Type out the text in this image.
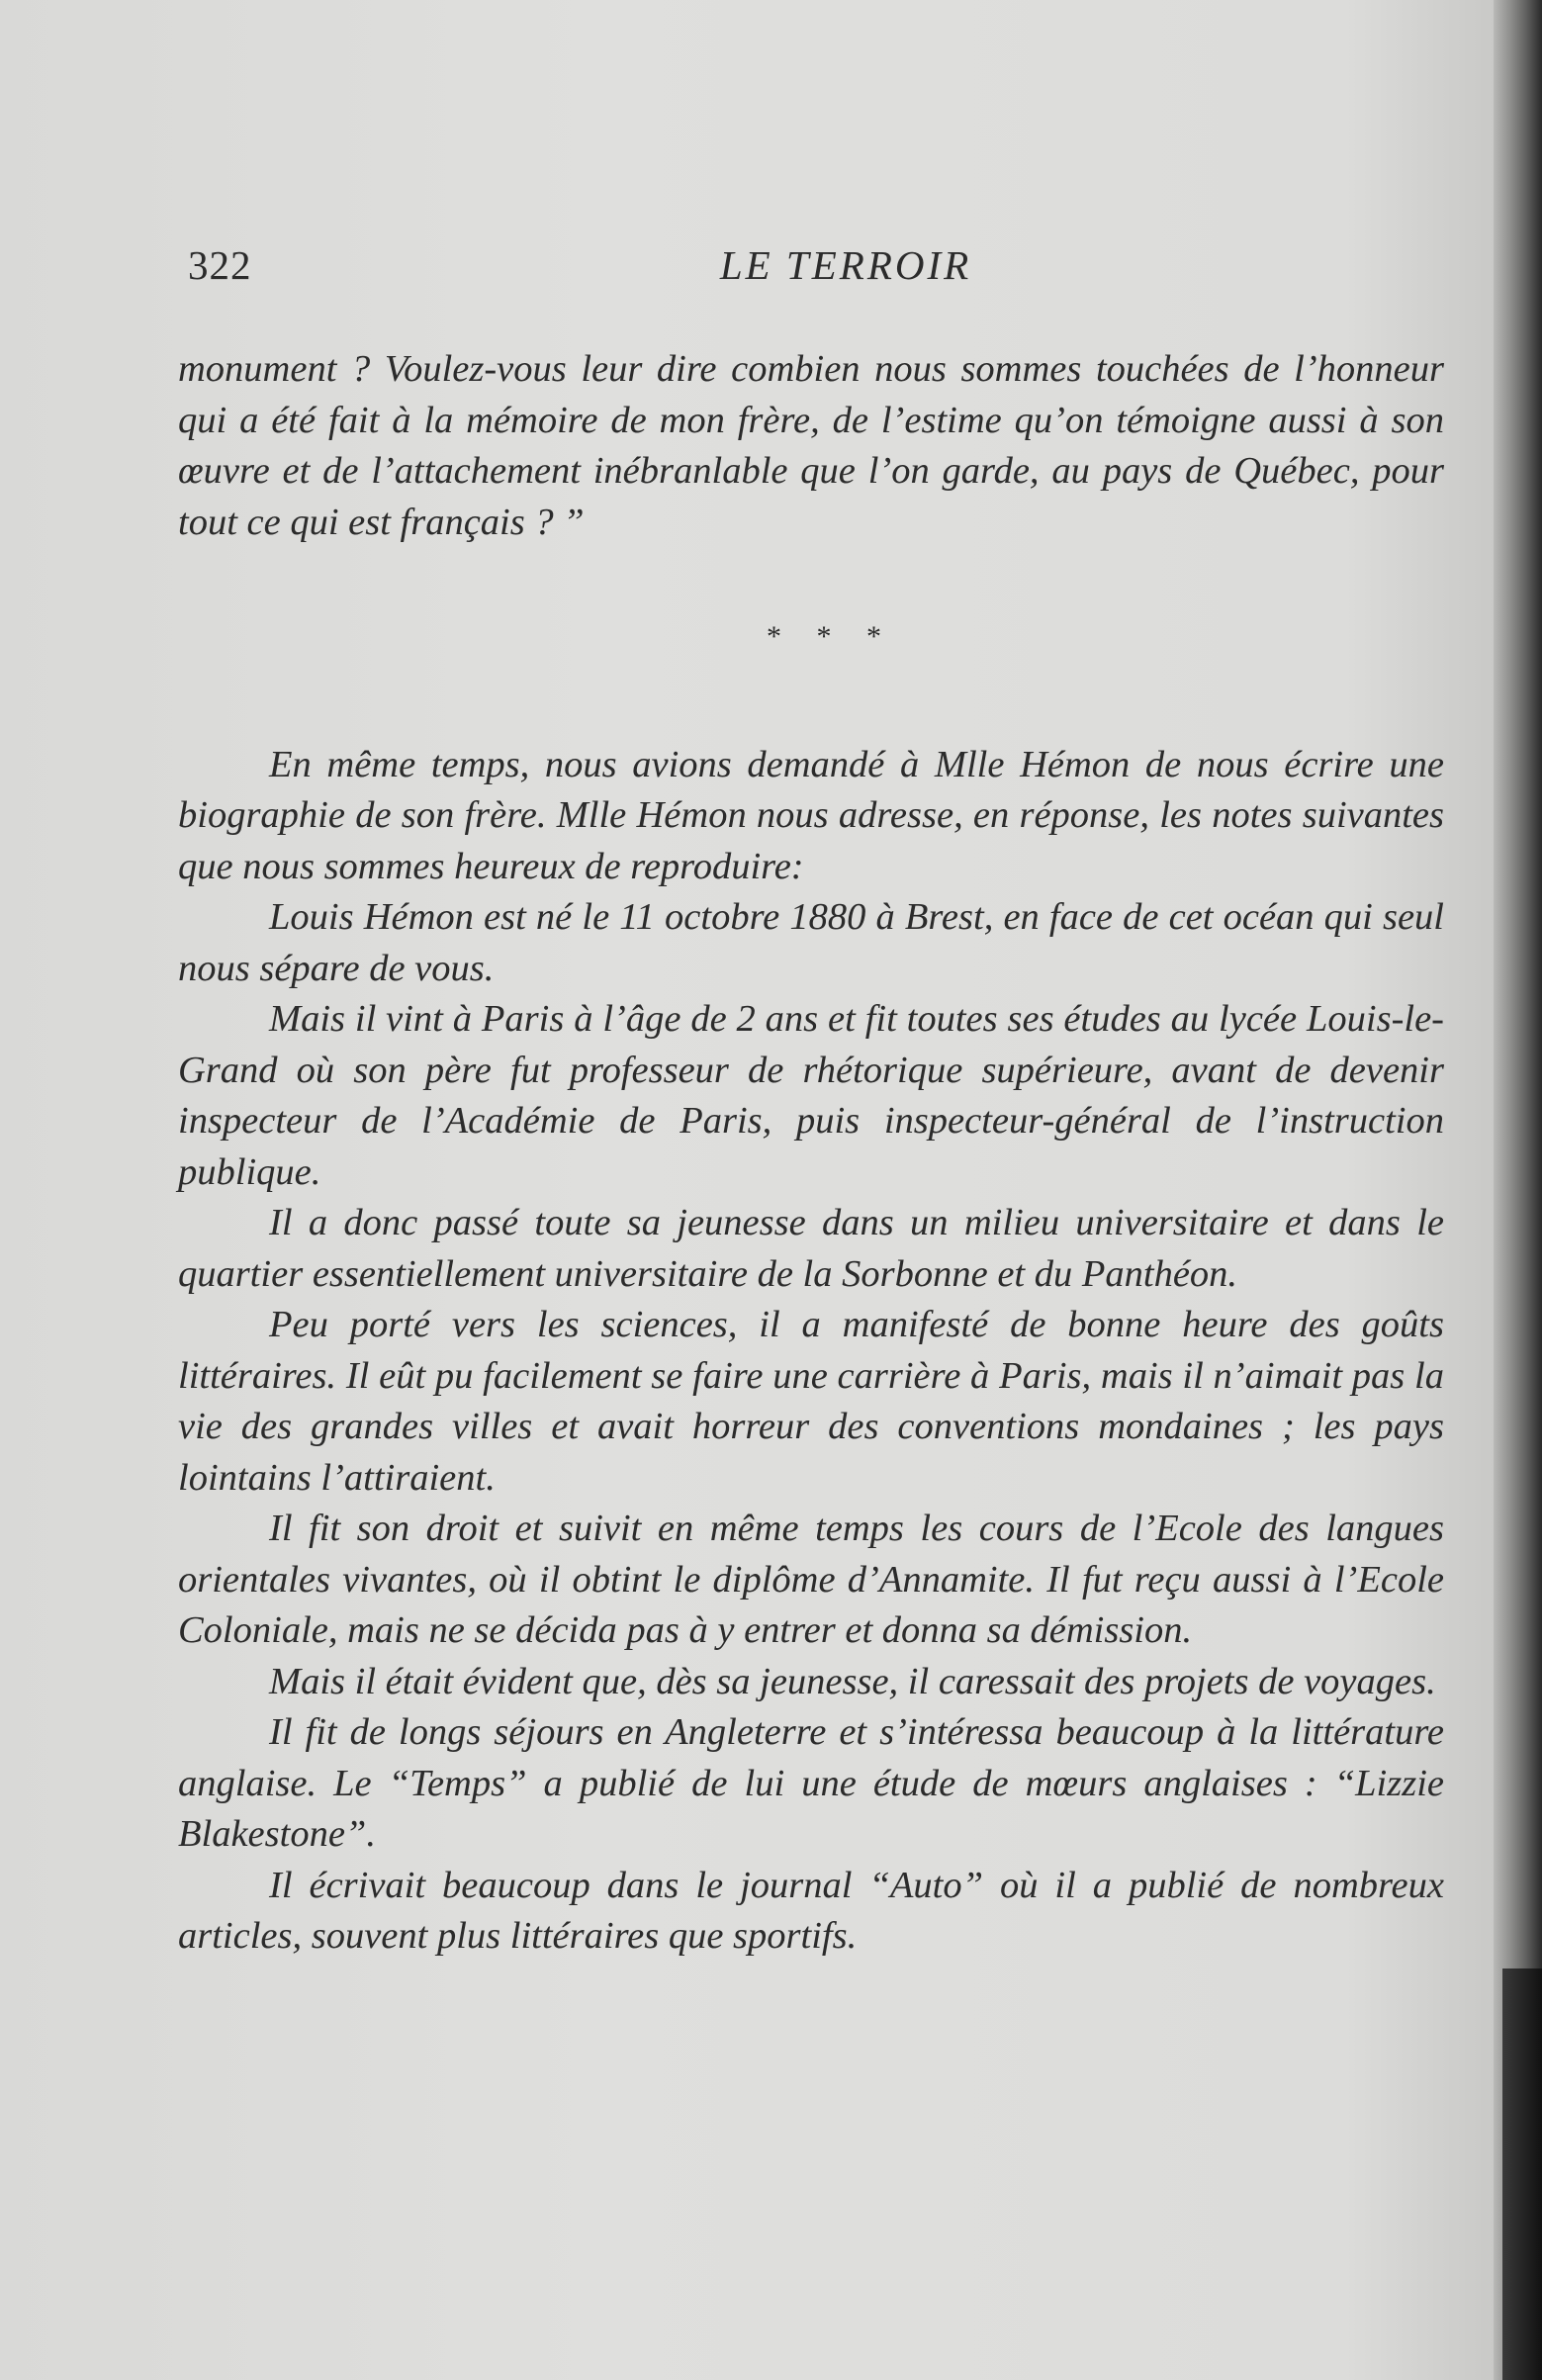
322	LE TERROIR

monument ? Voulez-vous leur dire combien nous sommes touchées de l’honneur qui a été fait à la mémoire de mon frère, de l’estime qu’on témoigne aussi à son œuvre et de l’attachement inébranlable que l’on garde, au pays de Québec, pour tout ce qui est français ? ”

* * *

En même temps, nous avions demandé à Mlle Hémon de nous écrire une biographie de son frère. Mlle Hémon nous adresse, en réponse, les notes suivantes que nous sommes heureux de reproduire:

Louis Hémon est né le 11 octobre 1880 à Brest, en face de cet océan qui seul nous sépare de vous.

Mais il vint à Paris à l’âge de 2 ans et fit toutes ses études au lycée Louis-le-Grand où son père fut professeur de rhétorique supérieure, avant de devenir inspecteur de l’Académie de Paris, puis inspecteur-général de l’instruction publique.

Il a donc passé toute sa jeunesse dans un milieu universitaire et dans le quartier essentiellement universitaire de la Sorbonne et du Panthéon.

Peu porté vers les sciences, il a manifesté de bonne heure des goûts littéraires. Il eût pu facilement se faire une carrière à Paris, mais il n’aimait pas la vie des grandes villes et avait horreur des conventions mondaines ; les pays lointains l’attiraient.

Il fit son droit et suivit en même temps les cours de l’Ecole des langues orientales vivantes, où il obtint le diplôme d’Annamite. Il fut reçu aussi à l’Ecole Coloniale, mais ne se décida pas à y entrer et donna sa démission.

Mais il était évident que, dès sa jeunesse, il caressait des projets de voyages.

Il fit de longs séjours en Angleterre et s’intéressa beaucoup à la littérature anglaise. Le “Temps” a publié de lui une étude de mœurs anglaises : “Lizzie Blakestone”.

Il écrivait beaucoup dans le journal “Auto” où il a publié de nombreux articles, souvent plus littéraires que sportifs.
